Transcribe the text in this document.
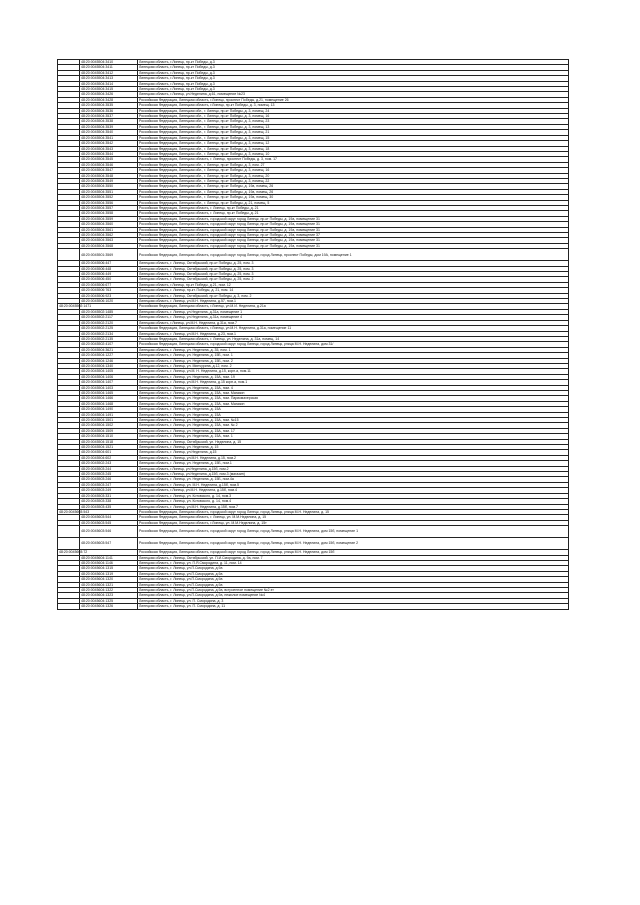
		48:20:0045504:3410	Липецкая область, г.Липецк, пр-кт Победы, д.3
		48:20:0045504:3411	Липецкая область, г.Липецк, пр-кт Победы, д.3
		48:20:0045504:3412	Липецкая область, г.Липецк, пр-кт Победы, д.3
		48:20:0045504:3413	Липецкая область, г.Липецк, пр-кт Победы, д.3
		48:20:0045504:3414	Липецкая область, г.Липецк, пр-кт Победы, д.3
		48:20:0045504:3415	Липецкая область, г.Липецк, пр-кт Победы, д.3
		48:20:0045504:3426	Липецкая область, г.Липецк, ул.Неделина, д.61, помещение №23
		48:20:0045504:3428	Российская Федерация, Липецкая область, г.Липецк, проспект Победы, д.21, помещение 26
		48:20:0045504:3535	Российская Федерация, Липецкая область, г.Липецк, пр-кт Победы, д. 3, помещ. 13
		48:20:0045504:3536	Российская Федерация, Липецкая обл., г. Липецк, пр-кт Победы, д. 3, помещ. 24
		48:20:0045504:3537	Российская Федерация, Липецкая обл., г. Липецк, пр-кт Победы, д. 3, помещ. 16
		48:20:0045504:3538	Российская Федерация, Липецкая обл., г. Липецк, пр-кт Победы, д. 3, помещ. 23
		48:20:0045504:3539	Российская Федерация, Липецкая обл., г. Липецк, пр-кт Победы, д. 3, помещ. 13
		48:20:0045504:3540	Российская Федерация, Липецкая обл., г. Липецк, пр-кт Победы, д. 3, помещ. 21
		48:20:0045504:3541	Российская Федерация, Липецкая обл., г. Липецк, пр-кт Победы, д. 3, помещ. 15
		48:20:0045504:3542	Российская Федерация, Липецкая обл., г. Липецк, пр-кт Победы, д. 3, помещ. 12
		48:20:0045504:3543	Российская Федерация, Липецкая обл., г. Липецк, пр-кт Победы, д. 3, помещ. 18
		48:20:0045504:3544	Российская Федерация, Липецкая обл., г. Липецк, пр-кт Победы, д. 3, помещ. 10
		48:20:0045504:3545	Российская Федерация, Липецкая область, г. Липецк, проспект Победы, д. 3, пом. 17
		48:20:0045504:3546	Российская Федерация, Липецкая обл., г. Липецк, пр-кт Победы, д. 3, пом. 27
		48:20:0045504:3547	Российская Федерация, Липецкая обл., г. Липецк, пр-кт Победы, д. 3, помещ. 16
		48:20:0045504:3548	Российская Федерация, Липецкая обл., г. Липецк, пр-кт Победы, д. 3, помещ. 20
		48:20:0045504:3549	Российская Федерация, Липецкая обл., г. Липецк, пр-кт Победы, д. 3, помещ. 22
		48:20:0045504:3550	Российская Федерация, Липецкая обл., г. Липецк, пр-кт Победы, д. 19а, помещ. 26
		48:20:0045504:3551	Российская Федерация, Липецкая обл., г. Липецк, пр-кт Победы, д. 19а, помещ. 26
		48:20:0045504:3552	Российская Федерация, Липецкая обл., г. Липецк, пр-кт Победы, д. 19а, помещ. 30
		48:20:0045504:3556	Российская Федерация, Липецкая обл., г. Липецк, пр-кт Победы, д. 21, помещ. 5
		48:20:0045504:3557	Российская Федерация, Липецкая область, г. Липецк, пр-кт Победы, д. 21
		48:20:0045504:3558	Российская Федерация, Липецкая область, г. Липецк, пр-кт Победы, д. 21
		48:20:0045504:3559	Российская Федерация, Липецкая область, городской округ город Липецк, пр-кт Победы, д. 19а, помещение 31
		48:20:0045504:3560	Российская Федерация, Липецкая область, городской округ город Липецк, пр-кт Победы, д. 19а, помещение 31
		48:20:0045504:3561	Российская Федерация, Липецкая область, городской округ город Липецк, пр-кт Победы, д. 19а, помещение 31
		48:20:0045504:3562	Российская Федерация, Липецкая область, городской округ город Липецк, пр-кт Победы, д. 19а, помещение 37
		48:20:0045504:3563	Российская Федерация, Липецкая область, городской округ город Липецк, пр-кт Победы, д. 19а, помещение 31
		48:20:0045504:3568	Российская Федерация, Липецкая область, городской округ город Липецк, пр-кт Победы, д. 19а, помещение 31
		48:20:0045501:3569	Российская Федерация, Липецкая область, городской округ город Липецк, город Липецк, проспект Победы, дом 19А, помещение 1
		48:20:0045506:447	Липецкая область, г. Липецк, Октябрьский, пр-кт Победы, д. 25, пом. 3
		48:20:0045506:448	Липецкая область, г. Липецк, Октябрьский, пр-кт Победы, д. 25, пом. 3
		48:20:0045506:449	Липецкая область, г. Липецк, Октябрьский, пр-кт Победы, д. 25, пом. 3
		48:20:0045506:450	Липецкая область, г. Липецк, Октябрьский, пр-кт Победы, д. 25, пом. 2
		48:20:0045506:677	Липецкая область, г.Липецк, пр-кт Победы, д.21, пом. 12
		48:20:0045506:763	Липецкая область, г. Липецк, пр-кт. Победы, д. 21, пом. 14
		48:20:0045506:923	Липецкая область, г. Липецк, Октябрьский, пр-кт Победы, д. 3, пом. 2
		48:20:0045506:1020	Липецкая область, г. Липецк, ул.М.Н. Неделина, д.57, пом.1
	48:20:0045502:1471		Российская Федерация, Липецкая область, г.Липецк, ул.М.И. Неделина, д.21а
		48:20:0045502:1485	Липецкая область, г. Липецк, ул.Неделина, д.31а, помещение 1
		48:20:0045502:2117	Липецкая область, г. Липецк, ул.Неделина, д.31а, помещение 4
		48:20:0045502:2120	Липецкая область, г.Липецк, ул.М.Н. Неделина, д.31а, пом.7
		48:20:0045502:2125	Российская Федерация, Липецкая область, г.Липецк, ул.М.Н. Неделина, д.31а, помещение 11
		48:20:0045502:2134	Липецкая область, г. Липецк, ул.М.Н. Неделина, д.23, пом.1
		48:20:0045502:2135	Российская Федерация, Липецкая область, г. Липецк, ул. Неделина, д. 31а, помещ. 14
		48:20:0045502:4107	Российская Федерация, Липецкая область, городской округ город Липецк, город Липецк, улица М.Н. Неделина, дом 31/
		48:20:0045504:3621	Липецкая область, г. Липецк, ул. Неделина, д. 35, пом. 1
		48:20:0045504:1227	Липецкая область, г. Липецк, ул. Неделина, д. 15Б, пом. 1
		48:20:0045504:1246	Липецкая область, г. Липецк, ул. Неделина, д. 15Б, пом. 2
		48:20:0045504:1340	Липецкая область, г. Липецк, ул. Минчурина, д.12, пом. 2
		48:20:0045504:1405	Липецкая область, г. Липецк, ул.М. Н. Неделина, д.15, корп.а, пом.11
		48:20:0045504:1406	Липецкая область, г. Липецк, ул. Неделина, д. 15А, пом. 19
		48:20:0045504:1407	Липецкая область, г. Липецк, ул.М.Н. Неделина, д.15 корп.а, пом.1
		48:20:0045504:1403	Липецкая область, г. Липецк, ул. Неделина, д. 15А, пом. 4
		48:20:0045504:1465	Липецкая область, г. Липецк, ул. Неделина, д. 15А, пом. Магазин
		48:20:0045504:1466	Липецкая область, г. Липецк, ул. Неделина, д. 15А, пом. Парикмахерская
		48:20:0045504:1468	Липецкая область, г. Липецк, ул. Неделина, д. 15А, пом. Магазин
		48:20:0045504:1490	Липецкая область, г. Липецк, ул. Неделина, д. 15А
		48:20:0045504:1491	Липецкая область, г. Липецк, ул. Неделина, д. 15А
		48:20:0045504:1501	Липецкая область, г. Липецк, ул. Неделина, д. 15А, пом. №15
		48:20:0045504:1502	Липецкая область, г. Липецк, ул. Неделина, д. 15А, пом. № 2
		48:20:0045504:1509	Липецкая область, г. Липецк, ул. Неделина, д. 15А, пом. 17
		48:20:0045504:1510	Липецкая область, г. Липецк, ул. Неделина, д. 15А, пом. 1
		48:20:0045504:1518	Липецкая область, г. Липецк, Октябрьский, ул. Неделина, д. 15
		48:20:0045504:1521	Липецкая область, г. Липецк, ул. Неделина, д. 15
		48:20:0045504:601	Липецкая область, г. Липецк, ул.Неделина, д.15
		48:20:0045504:602	Липецкая область, г. Липецк, ул.М.Н. Неделина, д.15, пом.2
		48:20:0045502:243	Липецкая область, г. Липецк, ул. Неделина, д. 15Б, пом.1
		48:20:0045503:244	Липецкая область, г.Липецк, ул.Неделина, д.15б, пом.2
		48:20:0045503:245	Липецкая область, г.Липецк, ул.Неделина, д.15б, пом.3 (магазин)
		48:20:0045503:246	Липецкая область, г. Липецк, ул. Неделина, д. 15Б, пом.4а
		48:20:0045503:247	Липецкая область, г. Липецк, ул. М.Н. Неделина, д.15б, пом.5
		48:20:0045503:249	Липецкая область, г.Липецк, ул.М.Н. Неделина, д.15б, пом.4
		48:20:0045503:331	Липецкая область, г. Липецк, ул. Котовского, д. 14, пом.3
		48:20:0045503:338	Липецкая область, г. Липецк, ул. Котовского, д. 14, пом.4
		48:20:0045503:435	Липецкая область, г. Липецк, ул.М.Н. Неделина, д.15б, пом.7
	48:20:0045603:543		Российская Федерация, Липецкая область, городской округ город Липецк, город Липецк, улица М.Н. Неделина, д. 15
		48:20:0045603:544	Российская Федерация, Липецкая область, г. Липецк, ул. М.М.Неделина, д. 15
		48:20:0045603:545	Российская Федерация, Липецкая область, г.Липецк, ул. М.М.Неделина, д. 15т
		48:20:0045603:546	Российская Федерация, Липецкая область, городской округ город Липецк, город Липецк, улица М.Н. Неделина, дом 15б, помещение 1
		48:20:0045603:547	Российская Федерация, Липецкая область, городской округ город Липецк, город Липецк, улица М.Н. Неделина, дом 15б, помещение 2
	48:20:0045603:72		Российская Федерация, Липецкая область, городской округ город Липецк, город Липецк, улица М.Н. Неделина, дом 15б
		48:20:0045604:1141	Липецкая область, г. Липецк, Октябрьский, ул. П.И.Смородина, д. 9а, пом. 7
		48:20:0045604:1146	Липецкая область, г. Липецк, ул. П.Я.Смородина, д. 11, пом. 14
		48:20:0045604:1315	Липецкая область, г. Липецк, ул.П.Смородина, д.9а
		48:20:0045604:1319	Липецкая область, г. Липецк, ул.П.Смородина, д.9а
		48:20:0045604:1320	Липецкая область, г. Липецк, ул.П.Смородина, д.9а
		48:20:0045604:1321	Липецкая область, г. Липецк, ул.П.Смородина, д.9а
		48:20:0045604:1322	Липецкая область, г. Липецк, ул.П.Смородина, д.9а, встроенное помещение №2 эт
		48:20:0045604:1323	Липецкая область, г. Липецк, ул.П.Смородина, д.9а, нежилое помещение №4
		48:20:0045604:1325	Липецкая область, г. Липецк, ул. П. Смородина, д. 3
		48:20:0045604:1326	Липецкая область, г. Липецк, ул. П. Смородина, д. 11
